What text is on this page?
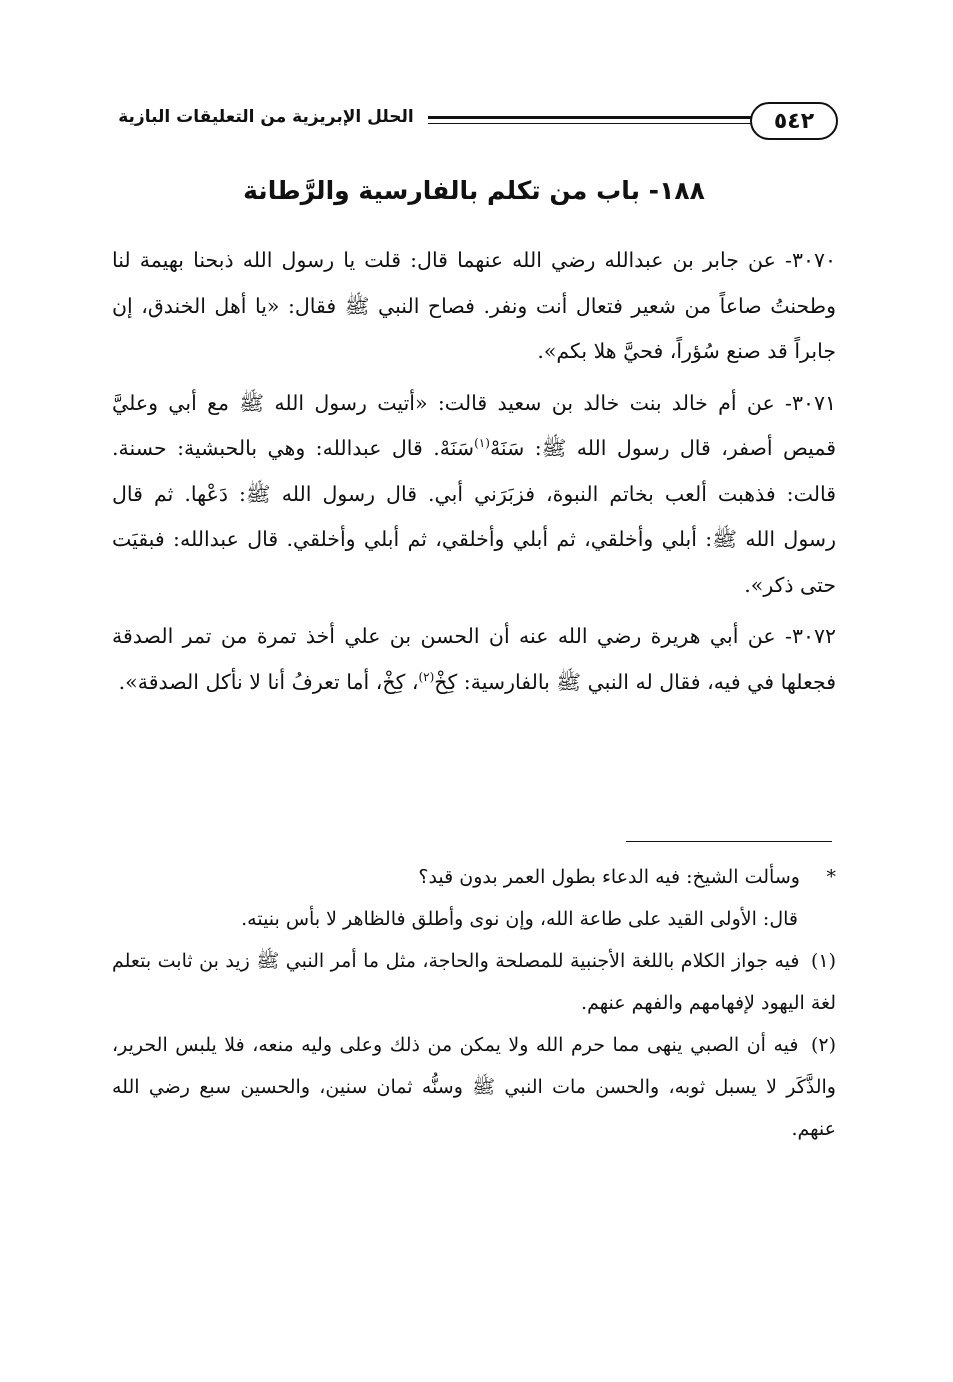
٥٤٢
الحلل الإبريزية من التعليقات البازية
١٨٨- باب من تكلم بالفارسية والرَّطانة

٣٠٧٠- عن جابر بن عبدالله رضي الله عنهما قال: قلت يا رسول الله ذبحنا بهيمة لنا وطحنتُ صاعاً من شعير فتعال أنت ونفر. فصاح النبي ﷺ فقال: «يا أهل الخندق، إن جابراً قد صنع سُؤراً، فحيَّ هلا بكم».

٣٠٧١- عن أم خالد بنت خالد بن سعيد قالت: «أتيت رسول الله ﷺ مع أبي وعليَّ قميص أصفر، قال رسول الله ﷺ: سَنَهْ$^{(١)}$سَنَهْ. قال عبدالله: وهي بالحبشية: حسنة. قالت: فذهبت ألعب بخاتم النبوة، فزبَرَني أبي. قال رسول الله ﷺ: دَعْها. ثم قال رسول الله ﷺ: أبلي وأخلقي، ثم أبلي وأخلقي، ثم أبلي وأخلقي. قال عبدالله: فبقيَت حتى ذكر».

٣٠٧٢- عن أبي هريرة رضي الله عنه أن الحسن بن علي أخذ تمرة من تمر الصدقة فجعلها في فيه، فقال له النبي ﷺ بالفارسية: كِخْ$^{(٢)}$، كِخْ، أما تعرفُ أنا لا نأكل الصدقة».

* وسألت الشيخ: فيه الدعاء بطول العمر بدون قيد؟

قال: الأولى القيد على طاعة الله، وإن نوى وأطلق فالظاهر لا بأس بنيته.

(١) فيه جواز الكلام باللغة الأجنبية للمصلحة والحاجة، مثل ما أمر النبي ﷺ زيد بن ثابت بتعلم لغة اليهود لإفهامهم والفهم عنهم.

(٢) فيه أن الصبي ينهى مما حرم الله ولا يمكن من ذلك وعلى وليه منعه، فلا يلبس الحرير، والذَّكَر لا يسبل ثوبه، والحسن مات النبي ﷺ وسنُّه ثمان سنين، والحسين سبع رضي الله عنهم.
